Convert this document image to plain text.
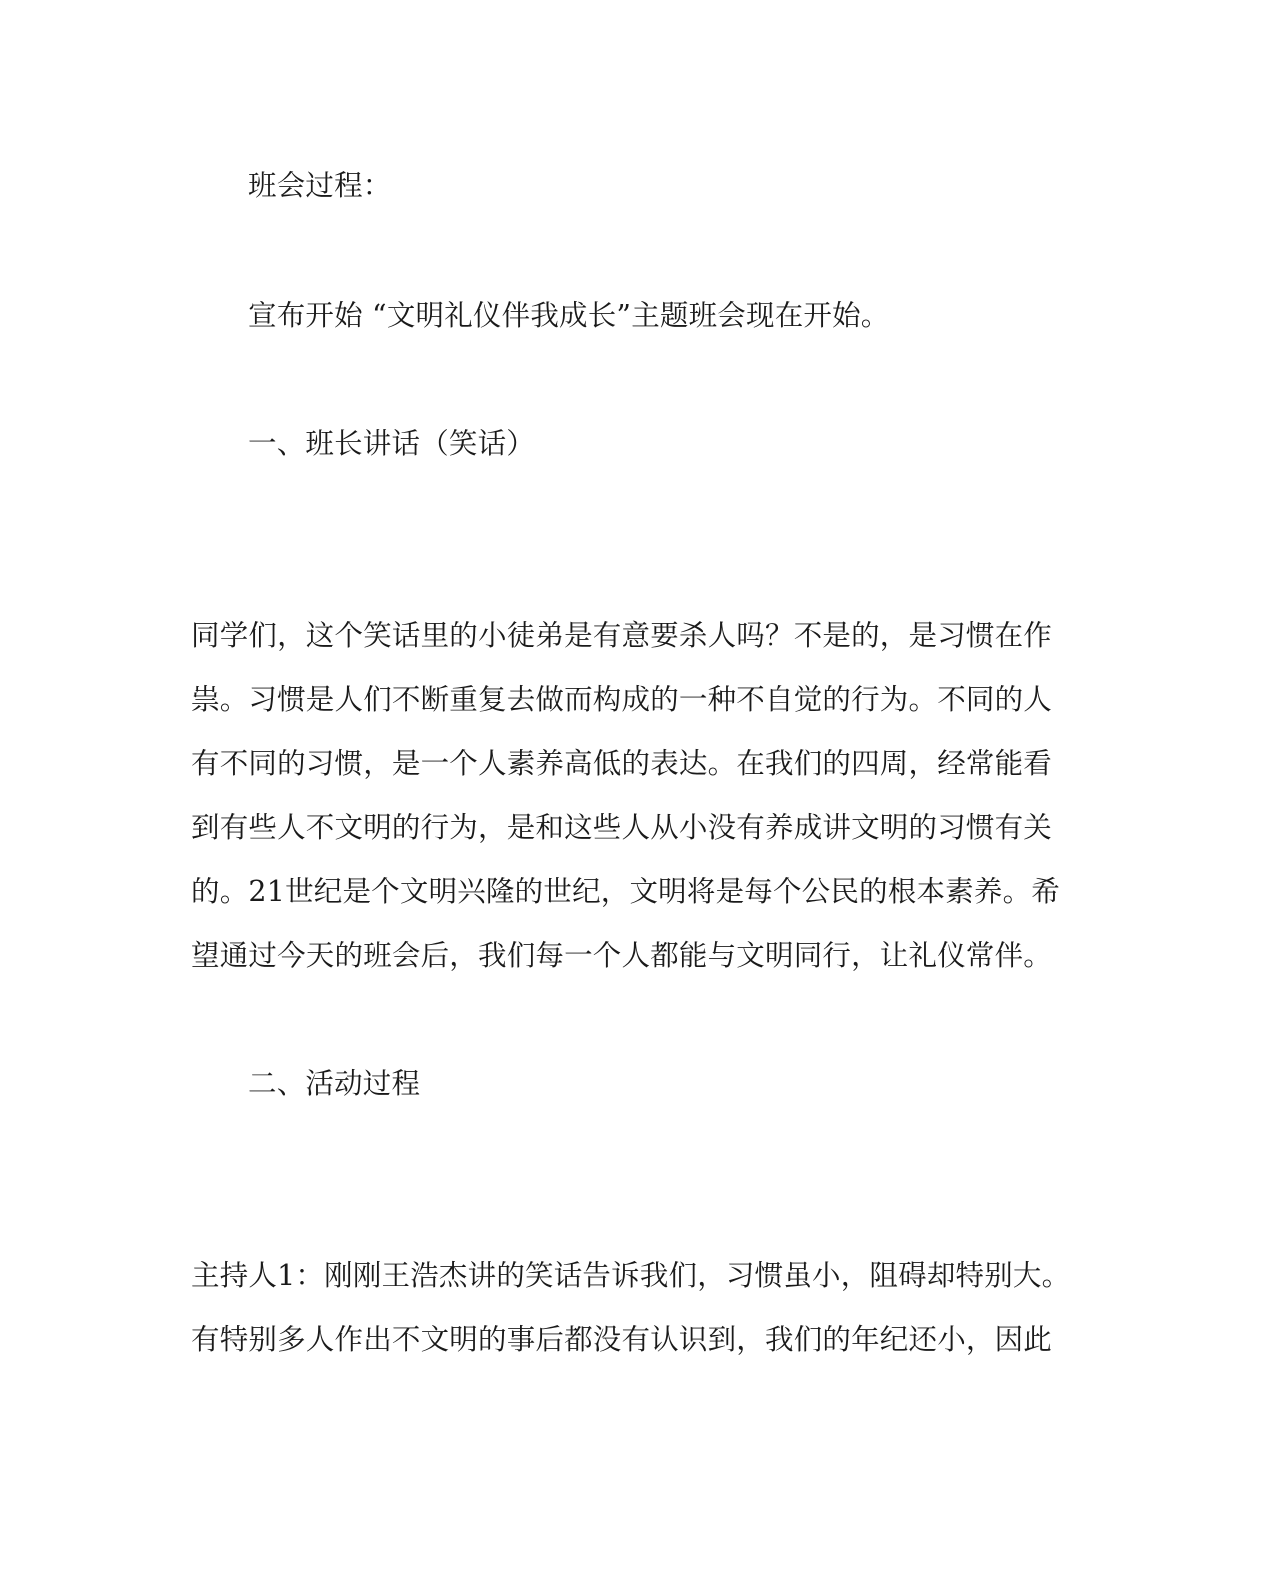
班会过程：
宣布开始 “文明礼仪伴我成长”主题班会现在开始。
一、班长讲话（笑话）
同学们，这个笑话里的小徒弟是有意要杀人吗？不是的，是习惯在作
祟。习惯是人们不断重复去做而构成的一种不自觉的行为。不同的人
有不同的习惯，是一个人素养高低的表达。在我们的四周，经常能看
到有些人不文明的行为，是和这些人从小没有养成讲文明的习惯有关
的。21世纪是个文明兴隆的世纪，文明将是每个公民的根本素养。希
望通过今天的班会后，我们每一个人都能与文明同行，让礼仪常伴。
二、活动过程
主持人1：刚刚王浩杰讲的笑话告诉我们，习惯虽小，阻碍却特别大。
有特别多人作出不文明的事后都没有认识到，我们的年纪还小，因此
